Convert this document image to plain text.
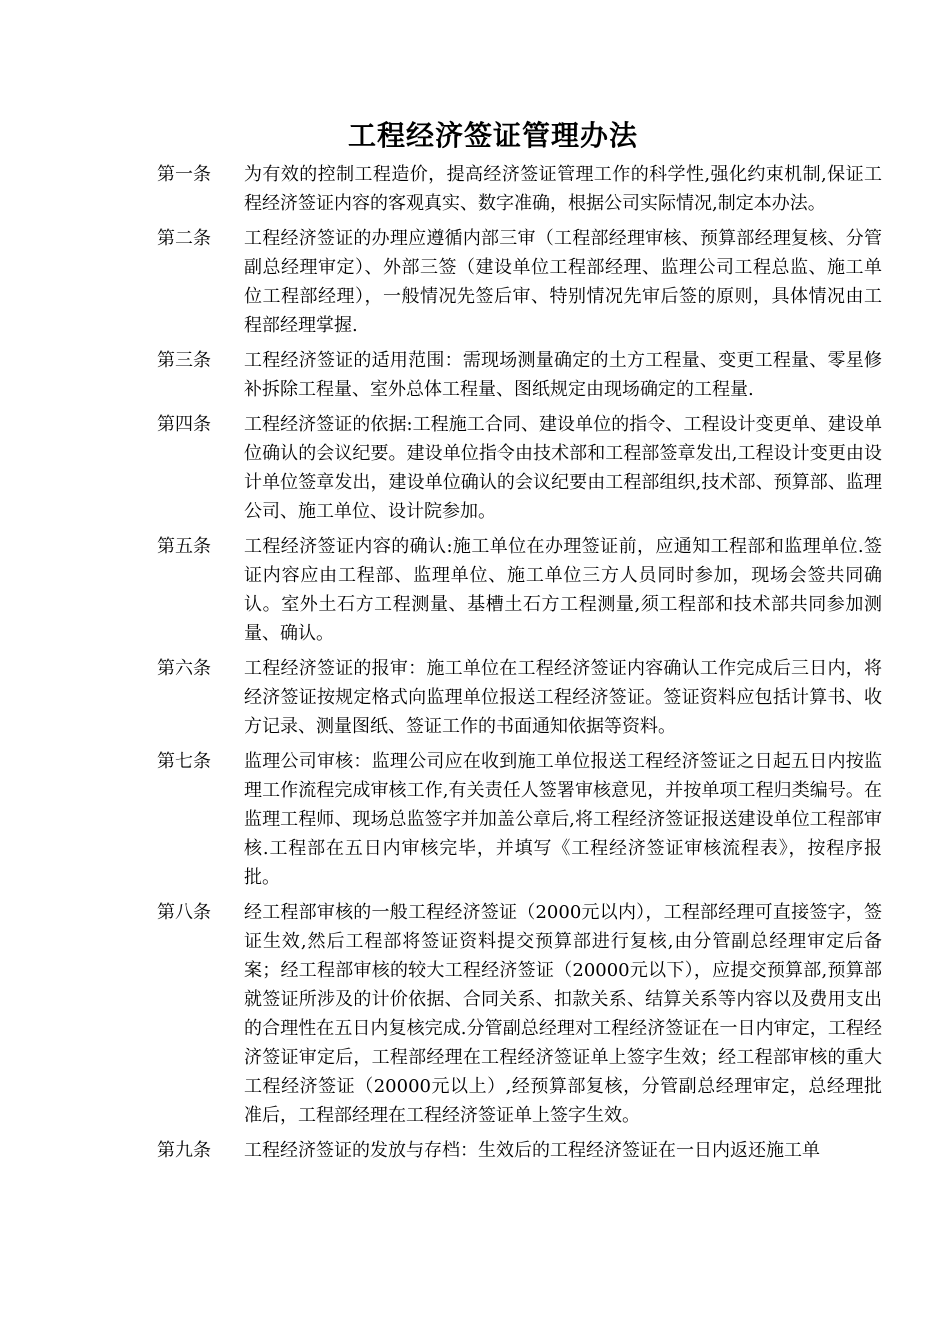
工程经济签证管理办法
第一条	为有效的控制工程造价，提高经济签证管理工作的科学性,强化约束机制,保证工程经济签证内容的客观真实、数字准确，根据公司实际情况,制定本办法。
第二条	工程经济签证的办理应遵循内部三审（工程部经理审核、预算部经理复核、分管副总经理审定）、外部三签（建设单位工程部经理、监理公司工程总监、施工单位工程部经理），一般情况先签后审、特别情况先审后签的原则，具体情况由工程部经理掌握.
第三条	工程经济签证的适用范围：需现场测量确定的土方工程量、变更工程量、零星修补拆除工程量、室外总体工程量、图纸规定由现场确定的工程量.
第四条	工程经济签证的依据:工程施工合同、建设单位的指令、工程设计变更单、建设单位确认的会议纪要。建设单位指令由技术部和工程部签章发出,工程设计变更由设计单位签章发出，建设单位确认的会议纪要由工程部组织,技术部、预算部、监理公司、施工单位、设计院参加。
第五条	工程经济签证内容的确认:施工单位在办理签证前，应通知工程部和监理单位.签证内容应由工程部、监理单位、施工单位三方人员同时参加，现场会签共同确认。室外土石方工程测量、基槽土石方工程测量,须工程部和技术部共同参加测量、确认。
第六条	工程经济签证的报审：施工单位在工程经济签证内容确认工作完成后三日内，将经济签证按规定格式向监理单位报送工程经济签证。签证资料应包括计算书、收方记录、测量图纸、签证工作的书面通知依据等资料。
第七条	监理公司审核：监理公司应在收到施工单位报送工程经济签证之日起五日内按监理工作流程完成审核工作,有关责任人签署审核意见，并按单项工程归类编号。在监理工程师、现场总监签字并加盖公章后,将工程经济签证报送建设单位工程部审核.工程部在五日内审核完毕，并填写《工程经济签证审核流程表》，按程序报批。
第八条	经工程部审核的一般工程经济签证（2000元以内），工程部经理可直接签字，签证生效,然后工程部将签证资料提交预算部进行复核,由分管副总经理审定后备案；经工程部审核的较大工程经济签证（20000元以下），应提交预算部,预算部就签证所涉及的计价依据、合同关系、扣款关系、结算关系等内容以及费用支出的合理性在五日内复核完成.分管副总经理对工程经济签证在一日内审定，工程经济签证审定后，工程部经理在工程经济签证单上签字生效；经工程部审核的重大工程经济签证（20000元以上）,经预算部复核，分管副总经理审定，总经理批准后，工程部经理在工程经济签证单上签字生效。
第九条	工程经济签证的发放与存档：生效后的工程经济签证在一日内返还施工单
